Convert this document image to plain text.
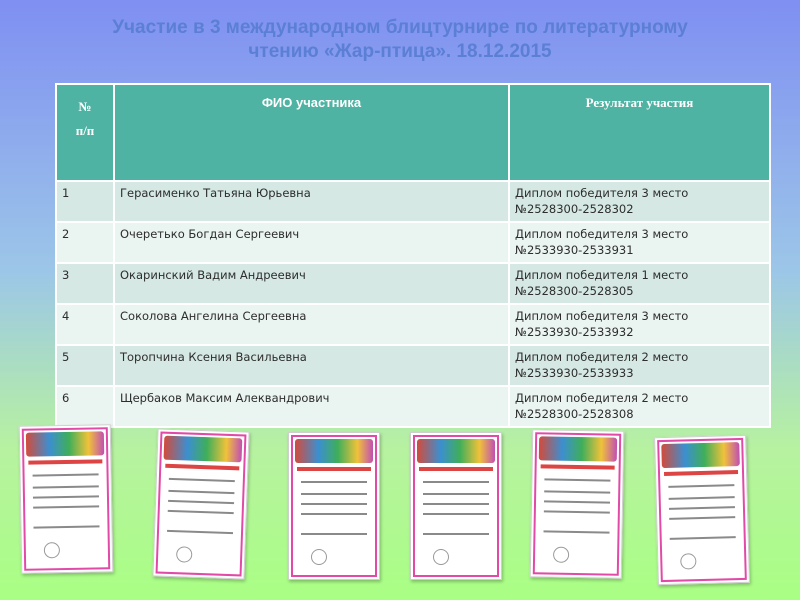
Участие в 3 международном блицтурнире по литературному
чтению «Жар-птица». 18.12.2015
№
п/п	ФИО участника	Результат участия
1	Герасименко Татьяна Юрьевна	Диплом победителя 3 место
№2528300-2528302

2	Очеретько Богдан Сергеевич	Диплом победителя 3 место
№2533930-2533931

3	Окаринский Вадим Андреевич	Диплом победителя 1 место
№2528300-2528305

4	Соколова Ангелина Сергеевна	Диплом победителя 3 место
№2533930-2533932

5	Торопчина Ксения Васильевна	Диплом победителя 2 место
№2533930-2533933

6	Щербаков Максим Алеквандрович	Диплом победителя 2 место
№2528300-2528308
